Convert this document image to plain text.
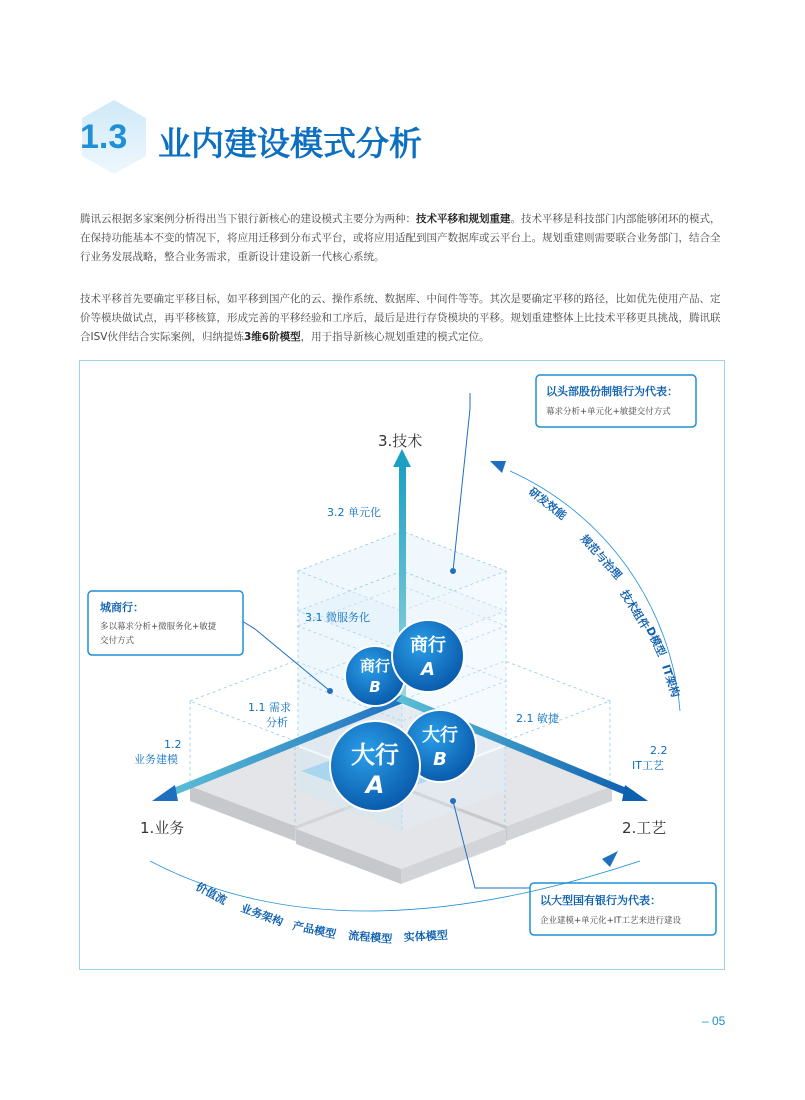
1.3 业内建设模式分析

腾讯云根据多家案例分析得出当下银行新核心的建设模式主要分为两种：技术平移和规划重建。技术平移是科技部门内部能够闭环的模式，在保持功能基本不变的情况下，将应用迁移到分布式平台，或将应用适配到国产数据库或云平台上。规划重建则需要联合业务部门，结合全行业务发展战略，整合业务需求，重新设计建设新一代核心系统。

技术平移首先要确定平移目标，如平移到国产化的云、操作系统、数据库、中间件等等。其次是要确定平移的路径，比如优先使用产品、定价等模块做试点，再平移核算，形成完善的平移经验和工序后，最后是进行存贷模块的平移。规划重建整体上比技术平移更具挑战，腾讯联合ISV伙伴结合实际案例，归纳提炼3维6阶模型，用于指导新核心规划重建的模式定位。

3.技术
1.业务	2.工艺
3.2 单元化
3.1 微服务化
1.1 需求
分析
1.2
业务建模
2.1 敏捷
2.2
IT工艺
以头部股份制银行为代表：
幕求分析+单元化+敏捷交付方式
城商行：
多以幕求分析+微服务化+敏捷
交付方式
以大型国有银行为代表：
企业建模+单元化+IT工艺来进行建设
商行
B
商行
A
大行
B
大行
A
研发效能
规范与治理
技术组件
D模型
IT架构
价值流
业务架构
产品模型 流程模型 实体模型
– 05
